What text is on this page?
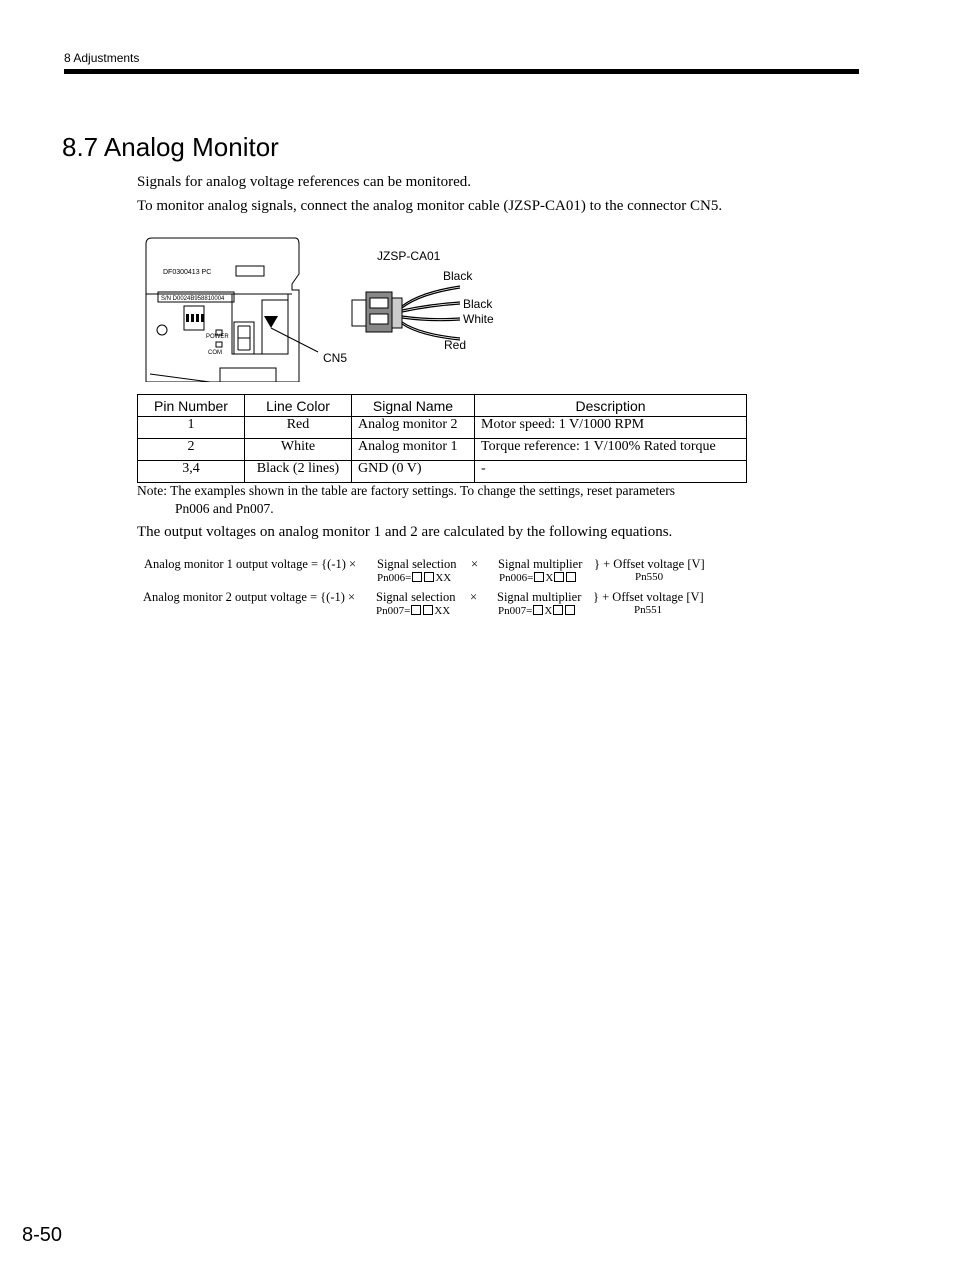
8 Adjustments
8.7 Analog Monitor
Signals for analog voltage references can be monitored.
To monitor analog signals, connect the analog monitor cable (JZSP-CA01) to the connector CN5.
JZSP-CA01
CN5
Black
Black
White
Red
DF0300413 PC
S/N D0024B958810004
POWER
COM
Pin Number	Line Color	Signal Name	Description
1	Red	Analog monitor 2	Motor speed: 1 V/1000 RPM
2	White	Analog monitor 1	Torque reference: 1 V/100% Rated torque
3,4	Black (2 lines)	GND (0 V)	-
Note: The examples shown in the table are factory settings. To change the settings, reset parameters
Pn006 and Pn007.
The output voltages on analog monitor 1 and 2 are calculated by the following equations.
Analog monitor 1 output voltage = {(-1) × Signal selection × Signal multiplier } + Offset voltage [V]
Pn006= XX	Pn006= X	Pn550
Analog monitor 2 output voltage = {(-1) × Signal selection × Signal multiplier } + Offset voltage [V]
Pn007= XX	Pn007= X	Pn551
8-50
